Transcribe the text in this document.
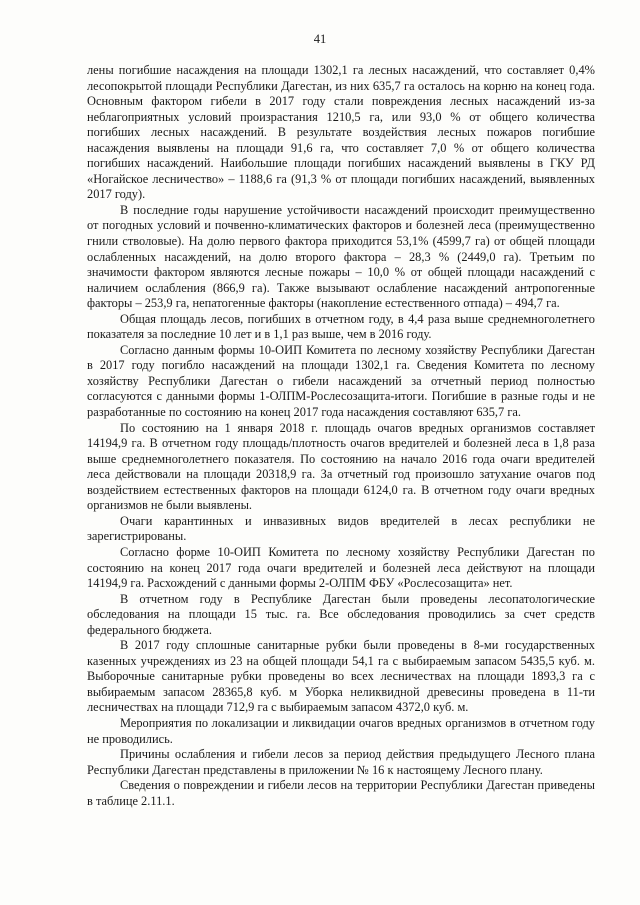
41

лены погибшие насаждения на площади 1302,1 га лесных насаждений, что составляет 0,4% лесопокрытой площади Республики Дагестан, из них 635,7 га осталось на корню на конец года. Основным фактором гибели в 2017 году стали повреждения лесных насаждений из-за неблагоприятных условий произрастания 1210,5 га, или 93,0 % от общего количества погибших лесных насаждений. В результате воздействия лесных пожаров погибшие насаждения выявлены на площади 91,6 га, что составляет 7,0 % от общего количества погибших насаждений. Наибольшие площади погибших насаждений выявлены в ГКУ РД «Ногайское лесничество» – 1188,6 га (91,3 % от площади погибших насаждений, выявленных 2017 году).

В последние годы нарушение устойчивости насаждений происходит преимущественно от погодных условий и почвенно-климатических факторов и болезней леса (преимущественно гнили стволовые). На долю первого фактора приходится 53,1% (4599,7 га) от общей площади ослабленных насаждений, на долю второго фактора – 28,3 % (2449,0 га). Третьим по значимости фактором являются лесные пожары – 10,0 % от общей площади насаждений с наличием ослабления (866,9 га). Также вызывают ослабление насаждений антропогенные факторы – 253,9 га, непатогенные факторы (накопление естественного отпада) – 494,7 га.

Общая площадь лесов, погибших в отчетном году, в 4,4 раза выше среднемноголетнего показателя за последние 10 лет и в 1,1 раз выше, чем в 2016 году.

Согласно данным формы 10-ОИП Комитета по лесному хозяйству Республики Дагестан в 2017 году погибло насаждений на площади 1302,1 га. Сведения Комитета по лесному хозяйству Республики Дагестан о гибели насаждений за отчетный период полностью согласуются с данными формы 1-ОЛПМ-Рослесозащита-итоги. Погибшие в разные годы и не разработанные по состоянию на конец 2017 года насаждения составляют 635,7 га.

По состоянию на 1 января 2018 г. площадь очагов вредных организмов составляет 14194,9 га. В отчетном году площадь/плотность очагов вредителей и болезней леса в 1,8 раза выше среднемноголетнего показателя. По состоянию на начало 2016 года очаги вредителей леса действовали на площади 20318,9 га. За отчетный год произошло затухание очагов под воздействием естественных факторов на площади 6124,0 га. В отчетном году очаги вредных организмов не были выявлены.

Очаги карантинных и инвазивных видов вредителей в лесах республики не зарегистрированы.

Согласно форме 10-ОИП Комитета по лесному хозяйству Республики Дагестан по состоянию на конец 2017 года очаги вредителей и болезней леса действуют на площади 14194,9 га. Расхождений с данными формы 2-ОЛПМ ФБУ «Рослесозащита» нет.

В отчетном году в Республике Дагестан были проведены лесопатологические обследования на площади 15 тыс. га. Все обследования проводились за счет средств федерального бюджета.

В 2017 году сплошные санитарные рубки были проведены в 8-ми государственных казенных учреждениях из 23 на общей площади 54,1 га с выбираемым запасом 5435,5 куб. м. Выборочные санитарные рубки проведены во всех лесничествах на площади 1893,3 га с выбираемым запасом 28365,8 куб. м Уборка неликвидной древесины проведена в 11-ти лесничествах на площади 712,9 га с выбираемым запасом 4372,0 куб. м.

Мероприятия по локализации и ликвидации очагов вредных организмов в отчетном году не проводились.

Причины ослабления и гибели лесов за период действия предыдущего Лесного плана Республики Дагестан представлены в приложении № 16 к настоящему Лесного плану.

Сведения о повреждении и гибели лесов на территории Республики Дагестан приведены в таблице 2.11.1.
